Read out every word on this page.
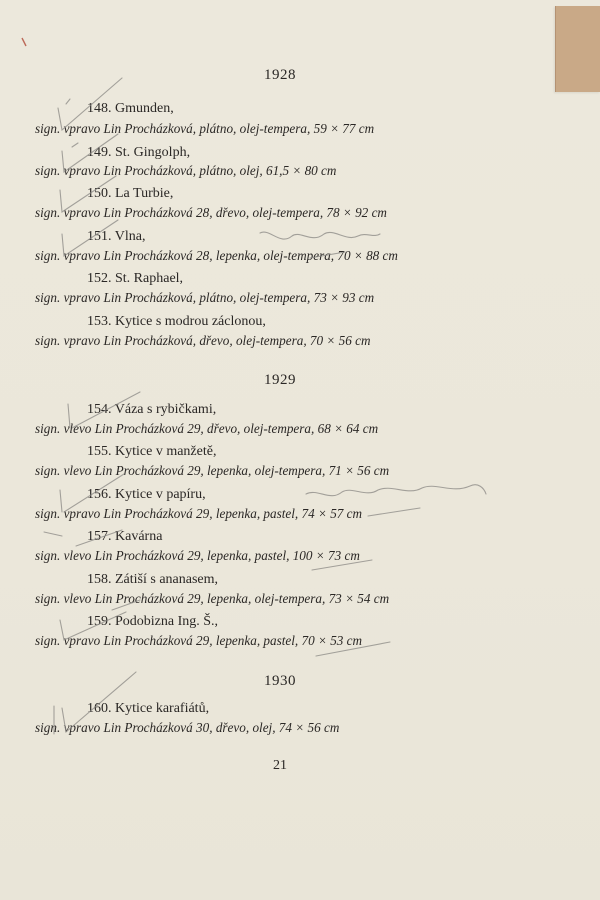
1928
148. Gmunden,
sign. vpravo Lin Procházková, plátno, olej-tempera, 59 × 77 cm
149. St. Gingolph,
sign. vpravo Lin Procházková, plátno, olej, 61,5 × 80 cm
150. La Turbie,
sign. vpravo Lin Procházková 28, dřevo, olej-tempera, 78 × 92 cm
151. Vlna,
sign. vpravo Lin Procházková 28, lepenka, olej-tempera, 70 × 88 cm
152. St. Raphael,
sign. vpravo Lin Procházková, plátno, olej-tempera, 73 × 93 cm
153. Kytice s modrou záclonou,
sign. vpravo Lin Procházková, dřevo, olej-tempera, 70 × 56 cm
1929
154. Váza s rybičkami,
sign. vlevo Lin Procházková 29, dřevo, olej-tempera, 68 × 64 cm
155. Kytice v manžetě,
sign. vlevo Lin Procházková 29, lepenka, olej-tempera, 71 × 56 cm
156. Kytice v papíru,
sign. vpravo Lin Procházková 29, lepenka, pastel, 74 × 57 cm
157. Kavárna
sign. vlevo Lin Procházková 29, lepenka, pastel, 100 × 73 cm
158. Zátiší s ananasem,
sign. vlevo Lin Procházková 29, lepenka, olej-tempera, 73 × 54 cm
159. Podobizna Ing. Š.,
sign. vpravo Lin Procházková 29, lepenka, pastel, 70 × 53 cm
1930
160. Kytice karafiátů,
sign. vpravo Lin Procházková 30, dřevo, olej, 74 × 56 cm
21
